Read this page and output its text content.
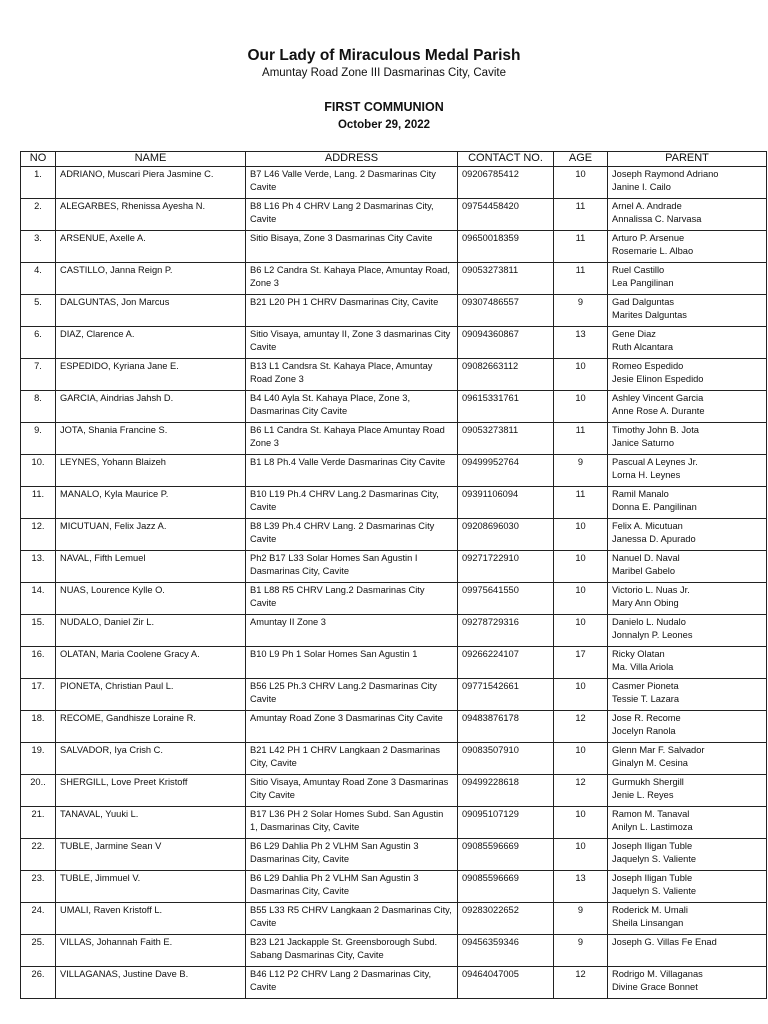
Our Lady of Miraculous Medal Parish
Amuntay Road Zone III Dasmarinas City, Cavite
FIRST COMMUNION
October 29, 2022
NO	NAME	ADDRESS	CONTACT NO.	AGE	PARENT
1.	ADRIANO, Muscari Piera Jasmine C.	B7 L46 Valle Verde, Lang. 2 Dasmarinas City Cavite	09206785412	10	Joseph Raymond Adriano
Janine I. Cailo

2.	ALEGARBES, Rhenissa Ayesha N.	B8 L16 Ph 4 CHRV Lang 2 Dasmarinas City, Cavite	09754458420	11	Arnel A. Andrade
Annalissa C. Narvasa

3.	ARSENUE, Axelle A.	Sitio Bisaya, Zone 3 Dasmarinas City Cavite	09650018359	11	Arturo P. Arsenue
Rosemarie L. Albao

4.	CASTILLO, Janna Reign P.	B6 L2 Candra St. Kahaya Place, Amuntay Road, Zone 3	09053273811	11	Ruel Castillo
Lea Pangilinan

5.	DALGUNTAS, Jon Marcus	B21 L20 PH 1 CHRV Dasmarinas City, Cavite	09307486557	9	Gad Dalguntas
Marites Dalguntas

6.	DIAZ, Clarence A.	Sitio Visaya, amuntay II, Zone 3 dasmarinas City Cavite	09094360867	13	Gene Diaz
Ruth Alcantara

7.	ESPEDIDO, Kyriana Jane E.	B13 L1 Candsra St. Kahaya Place, Amuntay Road Zone 3	09082663112	10	Romeo Espedido
Jesie Elinon Espedido

8.	GARCIA, Aindrias Jahsh D.	B4 L40 Ayla St. Kahaya Place, Zone 3, Dasmarinas City Cavite	09615331761	10	Ashley Vincent Garcia
Anne Rose A. Durante

9.	JOTA, Shania Francine S.	B6 L1 Candra St. Kahaya Place Amuntay Road Zone 3	09053273811	11	Timothy John B. Jota
Janice Saturno

10.	LEYNES, Yohann Blaizeh	B1 L8 Ph.4 Valle Verde Dasmarinas City Cavite	09499952764	9	Pascual A Leynes Jr.
Lorna H. Leynes

11.	MANALO, Kyla Maurice P.	B10 L19 Ph.4 CHRV Lang.2 Dasmarinas City, Cavite	09391106094	11	Ramil Manalo
Donna E. Pangilinan

12.	MICUTUAN, Felix Jazz A.	B8 L39 Ph.4 CHRV Lang. 2 Dasmarinas City Cavite	09208696030	10	Felix A. Micutuan
Janessa D. Apurado

13.	NAVAL, Fifth Lemuel	Ph2 B17 L33 Solar Homes San Agustin I Dasmarinas City, Cavite	09271722910	10	Nanuel D. Naval
Maribel Gabelo

14.	NUAS, Lourence Kylle O.	B1 L88 R5 CHRV Lang.2 Dasmarinas City Cavite	09975641550	10	Victorio L. Nuas Jr.
Mary Ann Obing

15.	NUDALO, Daniel Zir L.	Amuntay II Zone 3	09278729316	10	Danielo L. Nudalo
Jonnalyn P. Leones

16.	OLATAN, Maria Coolene Gracy A.	B10 L9 Ph 1 Solar Homes San Agustin 1	09266224107	17	Ricky Olatan
Ma. Villa Ariola

17.	PIONETA, Christian Paul L.	B56 L25 Ph.3 CHRV Lang.2 Dasmarinas City Cavite	09771542661	10	Casmer Pioneta
Tessie T. Lazara

18.	RECOME, Gandhisze Loraine R.	Amuntay Road Zone 3 Dasmarinas City Cavite	09483876178	12	Jose R. Recome
Jocelyn Ranola

19.	SALVADOR, Iya Crish C.	B21 L42 PH 1 CHRV Langkaan 2 Dasmarinas City, Cavite	09083507910	10	Glenn Mar F. Salvador
Ginalyn M. Cesina

20..	SHERGILL, Love Preet Kristoff	Sitio Visaya, Amuntay Road Zone 3 Dasmarinas City Cavite	09499228618	12	Gurmukh Shergill
Jenie L. Reyes

21.	TANAVAL, Yuuki L.	B17 L36 PH 2 Solar Homes Subd. San Agustin 1, Dasmarinas City, Cavite	09095107129	10	Ramon M. Tanaval
Anilyn L. Lastimoza

22.	TUBLE, Jarmine Sean V	B6 L29 Dahlia Ph 2 VLHM San Agustin 3 Dasmarinas City, Cavite	09085596669	10	Joseph Iligan Tuble
Jaquelyn S. Valiente

23.	TUBLE, Jimmuel V.	B6 L29 Dahlia Ph 2 VLHM San Agustin 3 Dasmarinas City, Cavite	09085596669	13	Joseph Iligan Tuble
Jaquelyn S. Valiente

24.	UMALI, Raven Kristoff L.	B55 L33 R5 CHRV Langkaan 2 Dasmarinas City, Cavite	09283022652	9	Roderick M. Umali
Sheila Linsangan

25.	VILLAS, Johannah Faith E.	B23 L21 Jackapple St. Greensborough Subd. Sabang Dasmarinas City, Cavite	09456359346	9	Joseph G. Villas Fe Enad

26.	VILLAGANAS, Justine Dave B.	B46 L12 P2 CHRV Lang 2 Dasmarinas City, Cavite	09464047005	12	Rodrigo M. Villaganas
Divine Grace Bonnet
